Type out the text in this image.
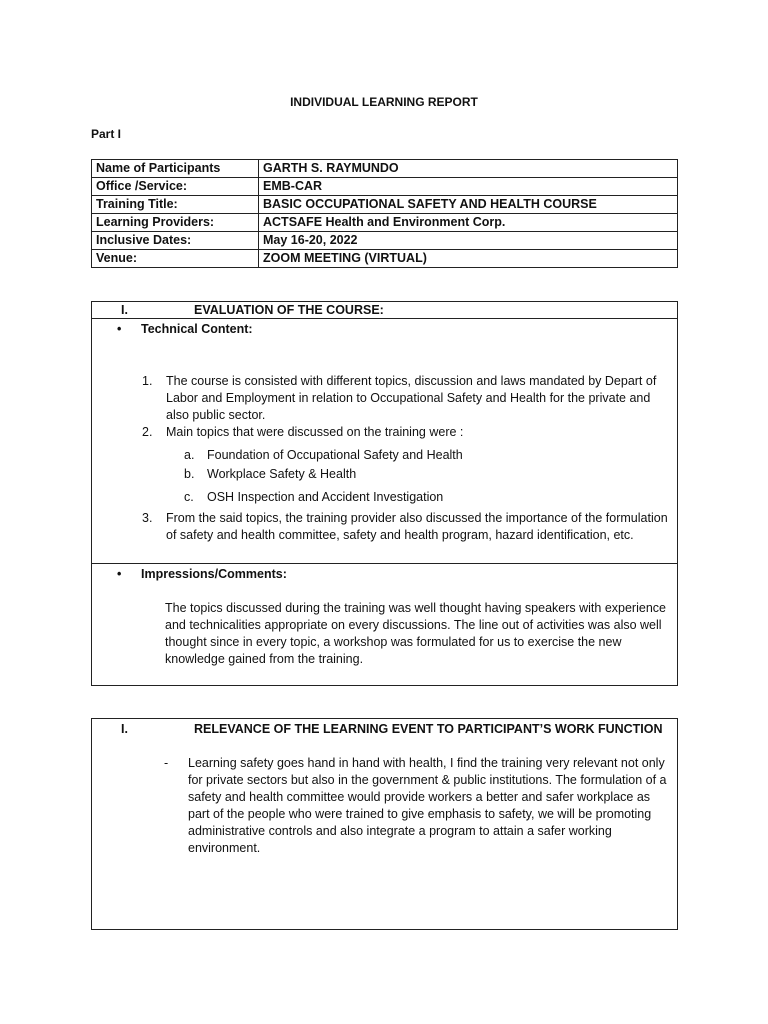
INDIVIDUAL LEARNING REPORT
Part I
Name of Participants	GARTH S. RAYMUNDO
Office /Service:	EMB-CAR
Training Title:	BASIC OCCUPATIONAL SAFETY AND HEALTH COURSE
Learning Providers:	ACTSAFE Health and Environment Corp.
Inclusive Dates:	May 16-20, 2022
Venue:	ZOOM MEETING (VIRTUAL)
I.	EVALUATION OF THE COURSE:
• Technical Content:
1. The course is consisted with different topics, discussion and laws mandated by Depart of Labor and Employment in relation to Occupational Safety and Health for the private and also public sector.
2. Main topics that were discussed on the training were :
a. Foundation of Occupational Safety and Health
b. Workplace Safety & Health
c. OSH Inspection and Accident Investigation
3. From the said topics, the training provider also discussed the importance of the formulation of safety and health committee, safety and health program, hazard identification, etc.
• Impressions/Comments:
The topics discussed during the training was well thought having speakers with experience and technicalities appropriate on every discussions. The line out of activities was also well thought since in every topic, a workshop was formulated for us to exercise the new knowledge gained from the training.
I.	RELEVANCE OF THE LEARNING EVENT TO PARTICIPANT’S WORK FUNCTION
- Learning safety goes hand in hand with health, I find the training very relevant not only for private sectors but also in the government & public institutions. The formulation of a safety and health committee would provide workers a better and safer workplace as part of the people who were trained to give emphasis to safety, we will be promoting administrative controls and also integrate a program to attain a safer working environment.
